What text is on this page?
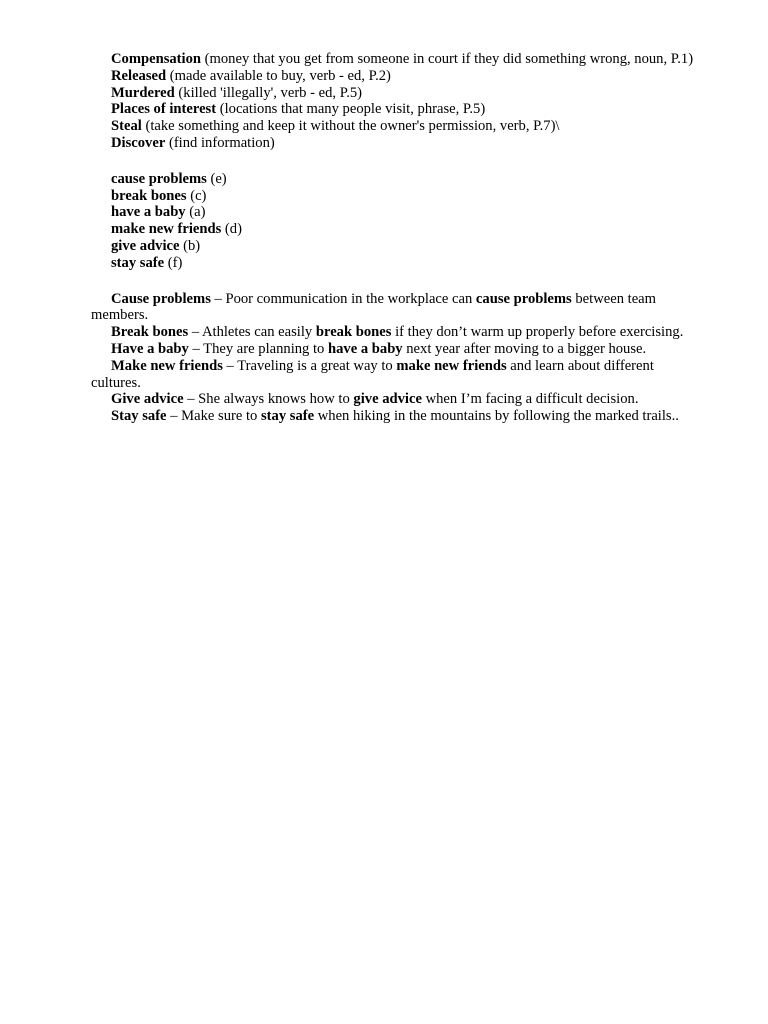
Compensation (money that you get from someone in court if they did something wrong, noun, P.1)

Released (made available to buy, verb - ed, P.2)

Murdered (killed 'illegally', verb - ed, P.5)

Places of interest (locations that many people visit, phrase, P.5)

Steal (take something and keep it without the owner's permission, verb, P.7)\

Discover (find information)

cause problems (e)

break bones (c)

have a baby (a)

make new friends (d)

give advice (b)

stay safe (f)

Cause problems – Poor communication in the workplace can cause problems between team members.

Break bones – Athletes can easily break bones if they don’t warm up properly before exercising.

Have a baby – They are planning to have a baby next year after moving to a bigger house.

Make new friends – Traveling is a great way to make new friends and learn about different cultures.

Give advice – She always knows how to give advice when I’m facing a difficult decision.

Stay safe – Make sure to stay safe when hiking in the mountains by following the marked trails..
